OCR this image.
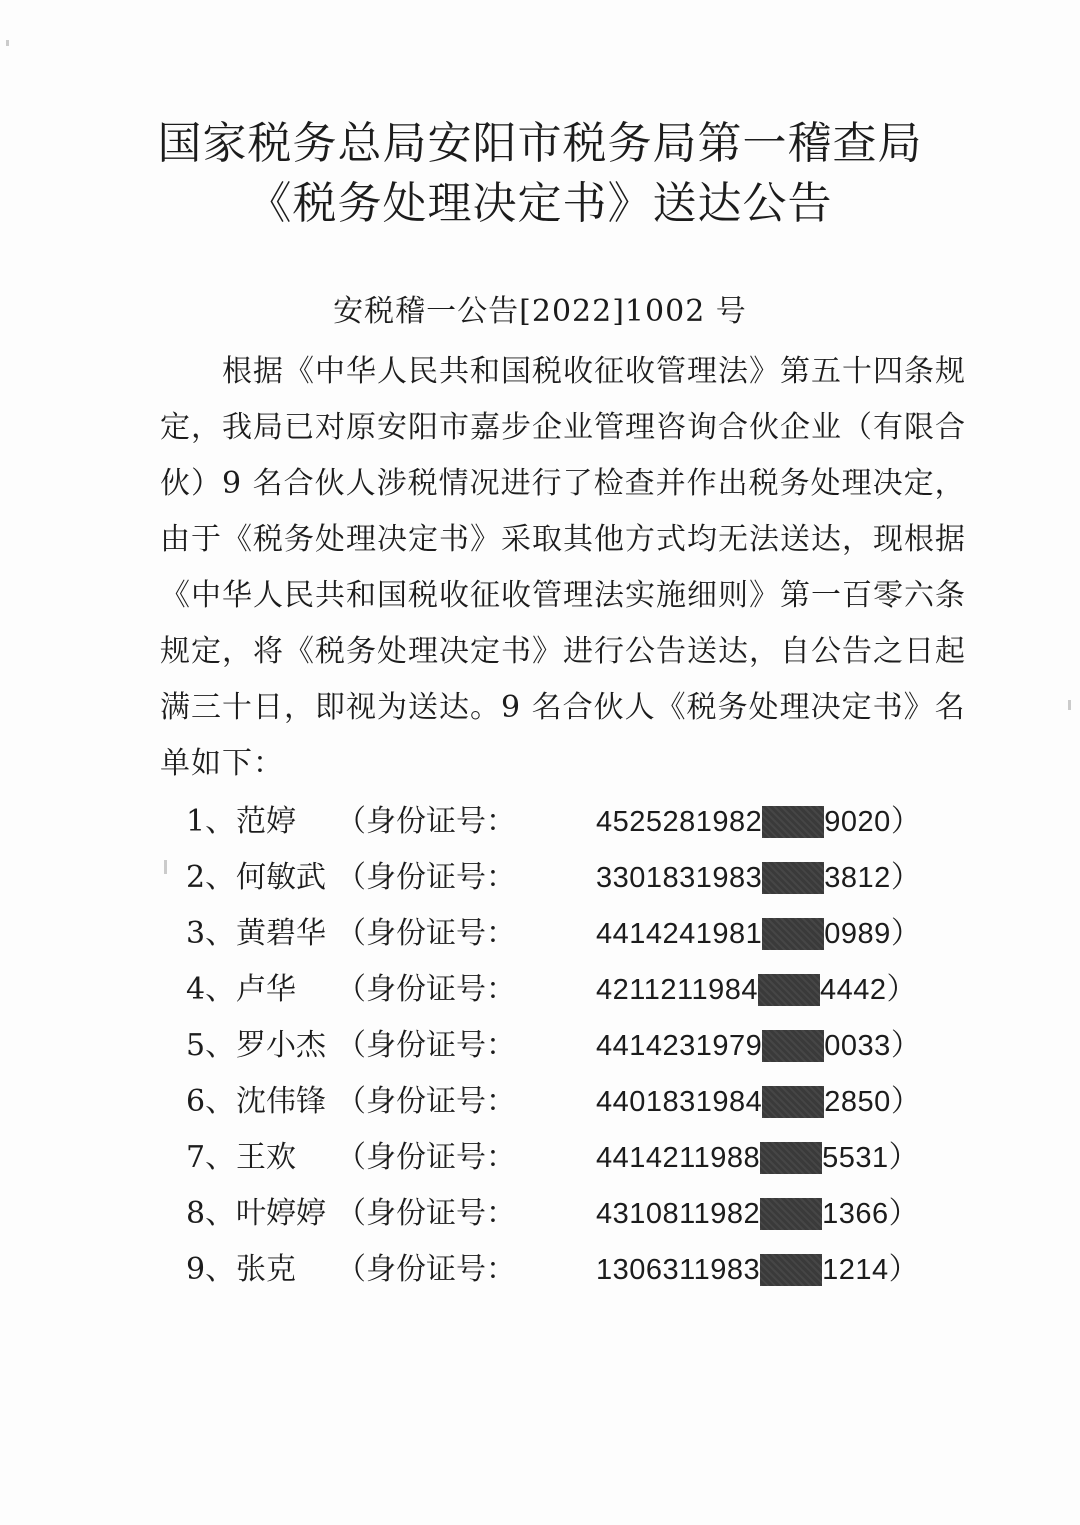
国家税务总局安阳市税务局第一稽查局
《税务处理决定书》送达公告
安税稽一公告[2022]1002 号
根据《中华人民共和国税收征收管理法》第五十四条规
定，我局已对原安阳市嘉步企业管理咨询合伙企业（有限合
伙）9 名合伙人涉税情况进行了检查并作出税务处理决定，
由于《税务处理决定书》采取其他方式均无法送达，现根据
《中华人民共和国税收征收管理法实施细则》第一百零六条
规定，将《税务处理决定书》进行公告送达，自公告之日起
满三十日，即视为送达。9 名合伙人《税务处理决定书》名
单如下：
1、范婷 （身份证号：	4525281982 9020）
2、何敏武 （身份证号：	3301831983 3812）
3、黄碧华 （身份证号：	4414241981 0989）
4、卢华 （身份证号：	4211211984 4442）
5、罗小杰 （身份证号：	4414231979 0033）
6、沈伟锋 （身份证号：	4401831984 2850）
7、王欢 （身份证号：	4414211988 5531）
8、叶婷婷 （身份证号：	4310811982 1366）
9、张克 （身份证号：	1306311983 1214）
